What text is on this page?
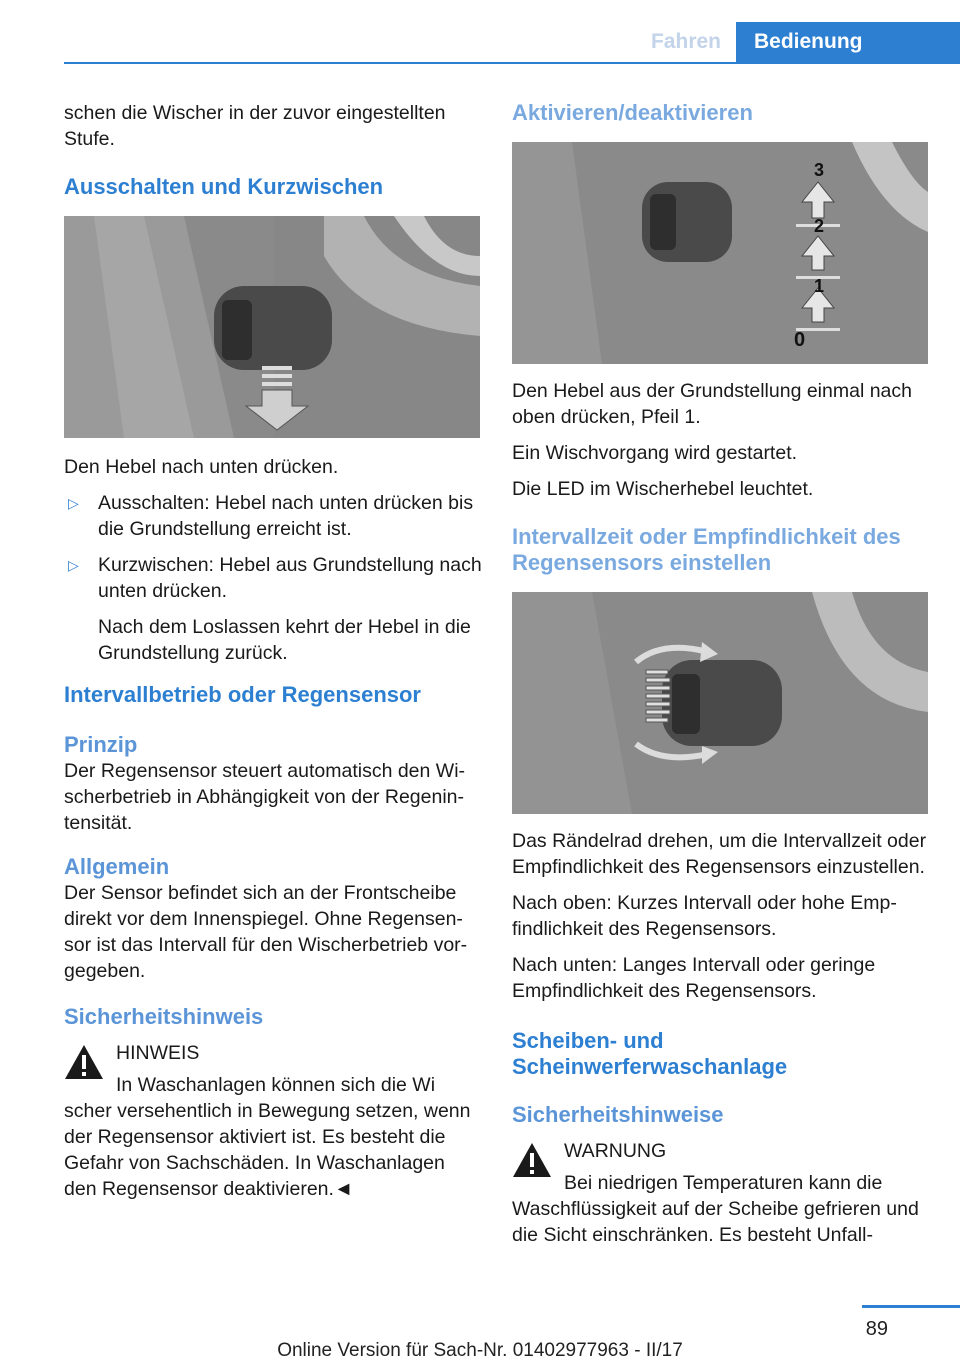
Fahren	Bedienung

schen die Wischer in der zuvor eingestellten Stufe.

Ausschalten und Kurzwischen

Den Hebel nach unten drücken.

▷ Ausschalten: Hebel nach unten drücken bis die Grundstellung erreicht ist.
▷ Kurzwischen: Hebel aus Grundstellung nach unten drücken.

Nach dem Loslassen kehrt der Hebel in die Grundstellung zurück.

Intervallbetrieb oder Regensensor
Prinzip

Der Regensensor steuert automatisch den Wischerbetrieb in Abhängigkeit von der Regenintensität.

Allgemein

Der Sensor befindet sich an der Frontscheibe direkt vor dem Innenspiegel. Ohne Regensensor ist das Intervall für den Wischerbetrieb vorgegeben.

Sicherheitshinweis
HINWEIS
In Waschanlagen können sich die Wi

scher versehentlich in Bewegung setzen, wenn der Regensensor aktiviert ist. Es besteht die Gefahr von Sachschäden. In Waschanlagen den Regensensor deaktivieren.◄

Aktivieren/deaktivieren
3
2
1
0

Den Hebel aus der Grundstellung einmal nach oben drücken, Pfeil 1.

Ein Wischvorgang wird gestartet.

Die LED im Wischerhebel leuchtet.

Intervallzeit oder Empfindlichkeit des Regensensors einstellen

Das Rändelrad drehen, um die Intervallzeit oder Empfindlichkeit des Regensensors einzustellen.

Nach oben: Kurzes Intervall oder hohe Empfindlichkeit des Regensensors.

Nach unten: Langes Intervall oder geringe Empfindlichkeit des Regensensors.

Scheiben- und Scheinwerferwaschanlage
Sicherheitshinweise
WARNUNG
Bei niedrigen Temperaturen kann die

Waschflüssigkeit auf der Scheibe gefrieren und die Sicht einschränken. Es besteht Unfall-

89
Online Version für Sach-Nr. 01402977963 - II/17
